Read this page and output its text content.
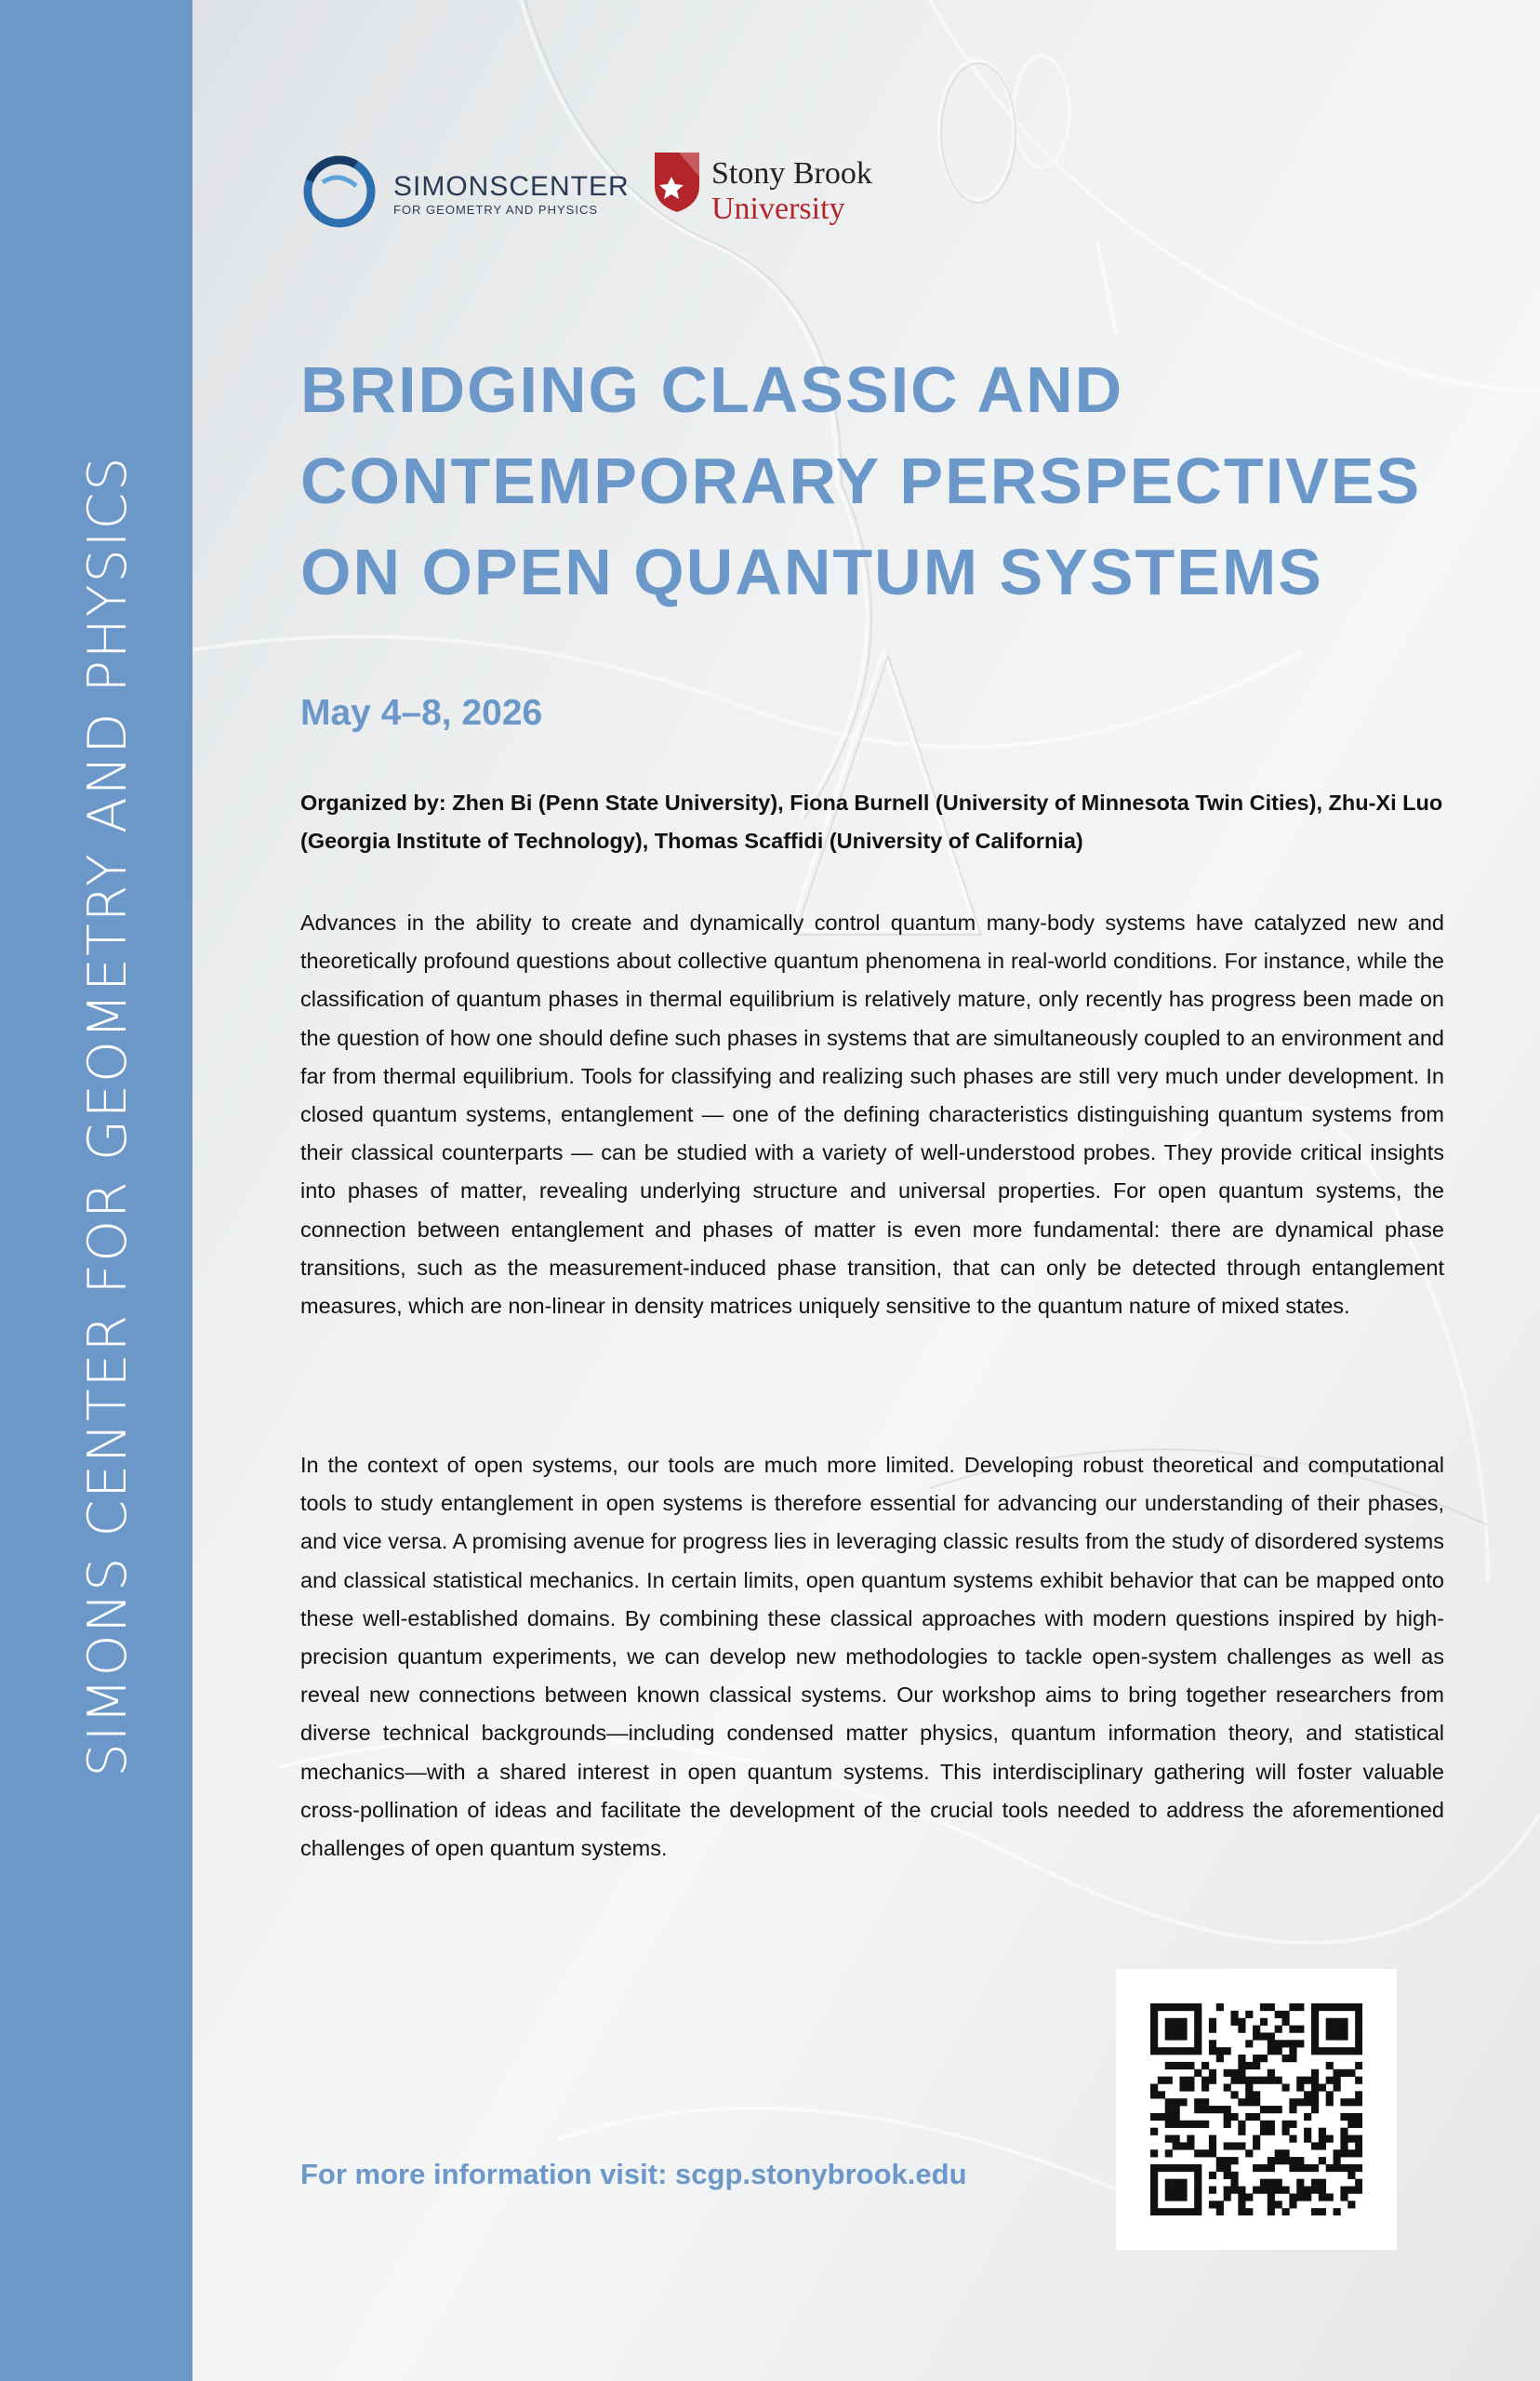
SIMONS CENTER FOR GEOMETRY AND PHYSICS
SIMONSCENTER
FOR GEOMETRY AND PHYSICS
Stony Brook
University
BRIDGING CLASSIC AND
CONTEMPORARY PERSPECTIVES
ON OPEN QUANTUM SYSTEMS
May 4–8, 2026
Organized by: Zhen Bi (Penn State University), Fiona Burnell (University of Minnesota Twin Cities), Zhu-Xi Luo (Georgia Institute of Technology), Thomas Scaffidi (University of California)

Advances in the ability to create and dynamically control quantum many-body systems have catalyzed new and theoretically profound questions about collective quantum phenomena in real-world conditions. For instance, while the classification of quantum phases in thermal equilibrium is relatively mature, only recently has progress been made on the question of how one should define such phases in systems that are simultaneously coupled to an environment and far from thermal equilibrium. Tools for classifying and realizing such phases are still very much under development. In closed quantum systems, entanglement — one of the defining characteristics distinguishing quantum systems from their classical counterparts — can be studied with a variety of well-understood probes. They provide critical insights into phases of matter, revealing underlying structure and universal properties. For open quantum systems, the connection between entanglement and phases of matter is even more fundamental: there are dynamical phase transitions, such as the measurement-induced phase transition, that can only be detected through entanglement measures, which are non-linear in density matrices uniquely sensitive to the quantum nature of mixed states.

In the context of open systems, our tools are much more limited. Developing robust theoretical and computational tools to study entanglement in open systems is therefore essential for advancing our understanding of their phases, and vice versa. A promising avenue for progress lies in leveraging classic results from the study of disordered systems and classical statistical mechanics. In certain limits, open quantum systems exhibit behavior that can be mapped onto these well-established domains. By combining these classical approaches with modern questions inspired by high-precision quantum experiments, we can develop new methodologies to tackle open-system challenges as well as reveal new connections between known classical systems. Our workshop aims to bring together researchers from diverse technical backgrounds—including condensed matter physics, quantum information theory, and statistical mechanics—with a shared interest in open quantum systems. This interdisciplinary gathering will foster valuable cross-pollination of ideas and facilitate the development of the crucial tools needed to address the aforementioned challenges of open quantum systems.

For more information visit: scgp.stonybrook.edu
